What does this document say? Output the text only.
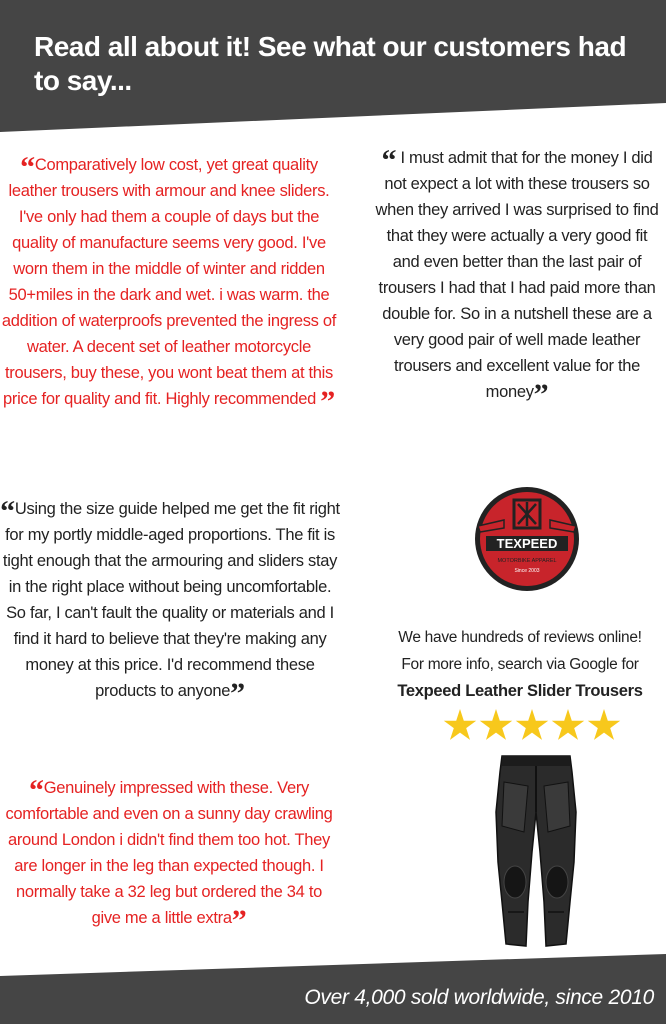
Read all about it! See what our customers had to say...
“Comparatively low cost, yet great quality leather trousers with armour and knee sliders. I've only had them a couple of days but the quality of manufacture seems very good. I've worn them in the middle of winter and ridden 50+miles in the dark and wet. i was warm. the addition of waterproofs prevented the ingress of water. A decent set of leather motorcycle trousers, buy these, you wont beat them at this price for quality and fit. Highly recommended ”
“ I must admit that for the money I did not expect a lot with these trousers so when they arrived I was surprised to find that they were actually a very good fit and even better than the last pair of trousers I had that I had paid more than double for. So in a nutshell these are a very good pair of well made leather trousers and excellent value for the money”
“Using the size guide helped me get the fit right for my portly middle-aged proportions. The fit is tight enough that the armouring and sliders stay in the right place without being uncomfortable. So far, I can't fault the quality or materials and I find it hard to believe that they're making any money at this price. I'd recommend these products to anyone”
“Genuinely impressed with these. Very comfortable and even on a sunny day crawling around London i didn't find them too hot. They are longer in the leg than expected though. I normally take a 32 leg but ordered the 34 to give me a little extra”
TEXPEED
MOTORBIKE APPAREL
Since 2003

We have hundreds of reviews online!

For more info, search via Google for

Texpeed Leather Slider Trousers

Over 4,000 sold worldwide, since 2010
